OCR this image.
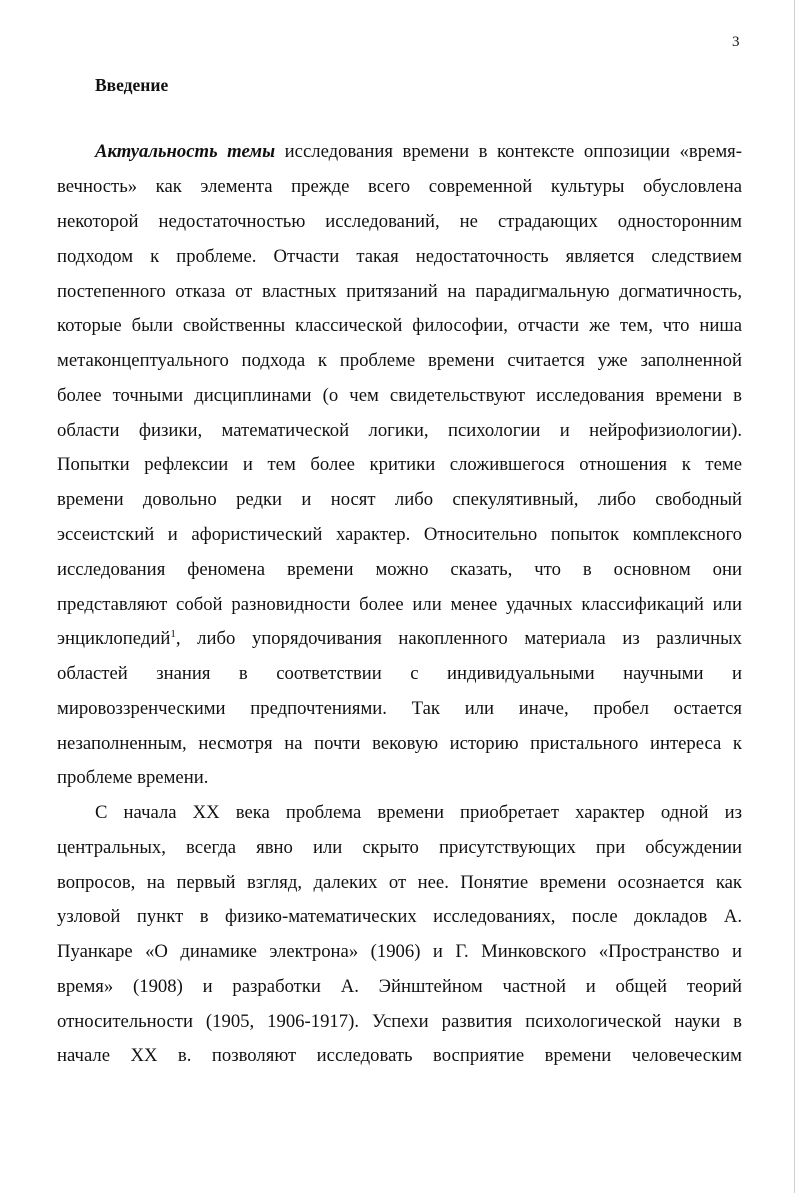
3
Введение
Актуальность темы исследования времени в контексте оппозиции «время-
вечность» как элемента прежде всего современной культуры обусловлена
некоторой недостаточностью исследований, не страдающих односторонним
подходом к проблеме. Отчасти такая недостаточность является следствием
постепенного отказа от властных притязаний на парадигмальную догматичность,
которые были свойственны классической философии, отчасти же тем, что ниша
метаконцептуального подхода к проблеме времени считается уже заполненной
более точными дисциплинами (о чем свидетельствуют исследования времени в
области физики, математической логики, психологии и нейрофизиологии).
Попытки рефлексии и тем более критики сложившегося отношения к теме
времени довольно редки и носят либо спекулятивный, либо свободный
эссеистский и афористический характер. Относительно попыток комплексного
исследования феномена времени можно сказать, что в основном они
представляют собой разновидности более или менее удачных классификаций или
энциклопедий$^1$, либо упорядочивания накопленного материала из различных
областей знания в соответствии с индивидуальными научными и
мировоззренческими предпочтениями. Так или иначе, пробел остается
незаполненным, несмотря на почти вековую историю пристального интереса к
проблеме времени.
С начала XX века проблема времени приобретает характер одной из
центральных, всегда явно или скрыто присутствующих при обсуждении
вопросов, на первый взгляд, далеких от нее. Понятие времени осознается как
узловой пункт в физико-математических исследованиях, после докладов А.
Пуанкаре «О динамике электрона» (1906) и Г. Минковского «Пространство и
время» (1908) и разработки А. Эйнштейном частной и общей теорий
относительности (1905, 1906-1917). Успехи развития психологической науки в
начале XX в. позволяют исследовать восприятие времени человеческим
